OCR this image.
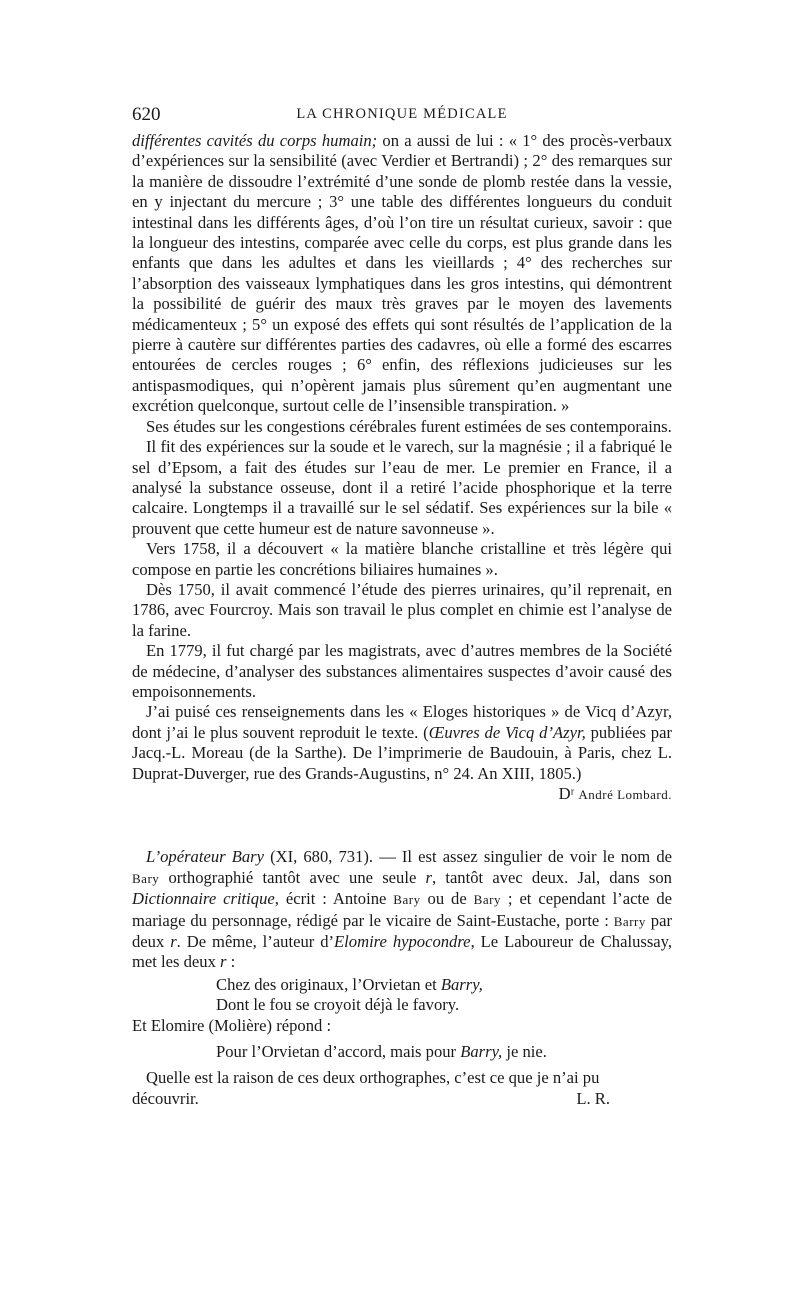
620	LA CHRONIQUE MÉDICALE

différentes cavités du corps humain; on a aussi de lui : « 1° des procès-verbaux d’expériences sur la sensibilité (avec Verdier et Bertrandi) ; 2° des remarques sur la manière de dissoudre l’extrémité d’une sonde de plomb restée dans la vessie, en y injectant du mercure ; 3° une table des différentes longueurs du conduit intestinal dans les différents âges, d’où l’on tire un résultat curieux, savoir : que la longueur des intestins, comparée avec celle du corps, est plus grande dans les enfants que dans les adultes et dans les vieillards ; 4° des recherches sur l’absorption des vaisseaux lymphatiques dans les gros intestins, qui démontrent la possibilité de guérir des maux très graves par le moyen des lavements médicamenteux ; 5° un exposé des effets qui sont résultés de l’application de la pierre à cautère sur différentes parties des cadavres, où elle a formé des escarres entourées de cercles rouges ; 6° enfin, des réflexions judicieuses sur les antispasmodiques, qui n’opèrent jamais plus sûrement qu’en augmentant une excrétion quelconque, surtout celle de l’insensible transpiration. »

Ses études sur les congestions cérébrales furent estimées de ses contemporains.

Il fit des expériences sur la soude et le varech, sur la magnésie ; il a fabriqué le sel d’Epsom, a fait des études sur l’eau de mer. Le premier en France, il a analysé la substance osseuse, dont il a retiré l’acide phosphorique et la terre calcaire. Longtemps il a travaillé sur le sel sédatif. Ses expériences sur la bile « prouvent que cette humeur est de nature savonneuse ».

Vers 1758, il a découvert « la matière blanche cristalline et très légère qui compose en partie les concrétions biliaires humaines ».

Dès 1750, il avait commencé l’étude des pierres urinaires, qu’il reprenait, en 1786, avec Fourcroy. Mais son travail le plus complet en chimie est l’analyse de la farine.

En 1779, il fut chargé par les magistrats, avec d’autres membres de la Société de médecine, d’analyser des substances alimentaires suspectes d’avoir causé des empoisonnements.

J’ai puisé ces renseignements dans les « Eloges historiques » de Vicq d’Azyr, dont j’ai le plus souvent reproduit le texte. (Œuvres de Vicq d’Azyr, publiées par Jacq.-L. Moreau (de la Sarthe). De l’imprimerie de Baudouin, à Paris, chez L. Duprat-Duverger, rue des Grands-Augustins, n° 24. An XIII, 1805.)

Dʳ André Lombard.

L’opérateur Bary (XI, 680, 731). — Il est assez singulier de voir le nom de Bary orthographié tantôt avec une seule r, tantôt avec deux. Jal, dans son Dictionnaire critique, écrit : Antoine Bary ou de Bary ; et cependant l’acte de mariage du personnage, rédigé par le vicaire de Saint-Eustache, porte : Barry par deux r. De même, l’auteur d’Elomire hypocondre, Le Laboureur de Chalussay, met les deux r :

Chez des originaux, l’Orvietan et Barry,

Dont le fou se croyoit déjà le favory.

Et Elomire (Molière) répond :

Pour l’Orvietan d’accord, mais pour Barry, je nie.

Quelle est la raison de ces deux orthographes, c’est ce que je n’ai pu

découvrir.	L. R.
